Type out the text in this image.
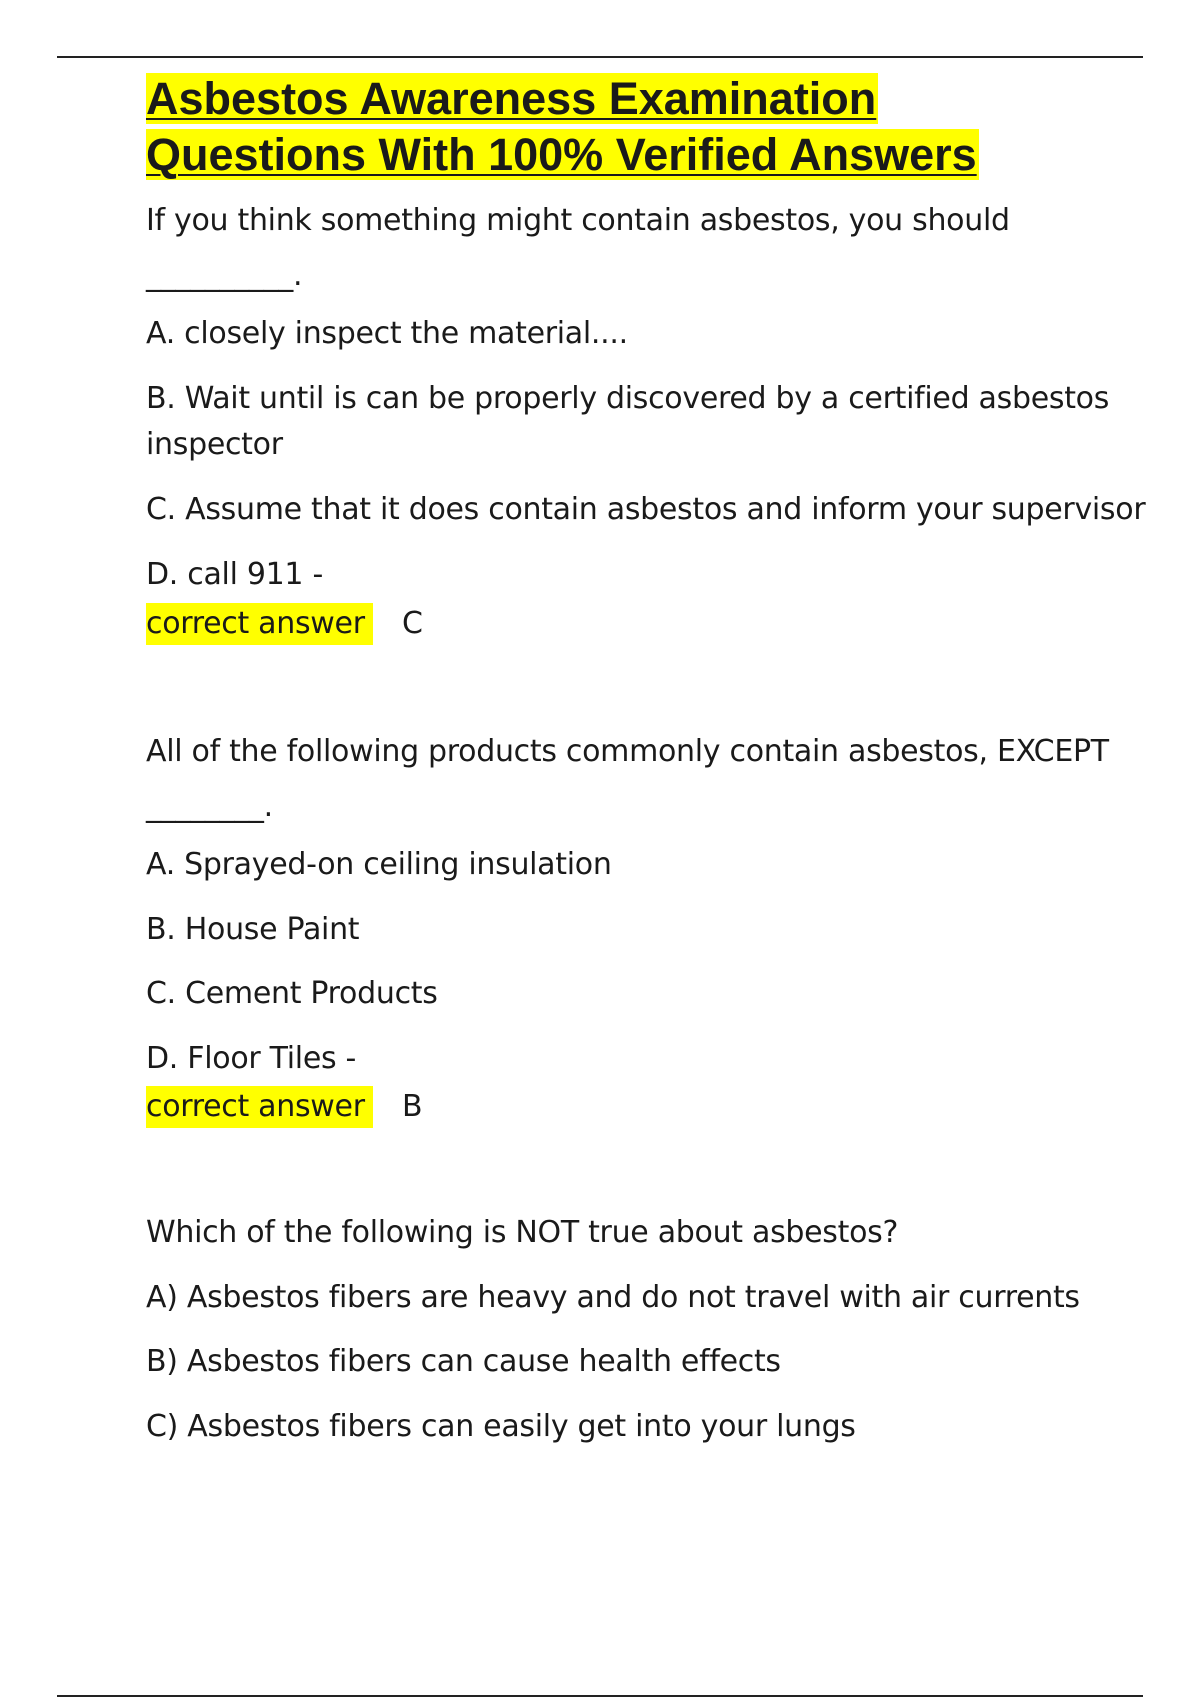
Asbestos Awareness Examination
Questions With 100% Verified Answers
If you think something might contain asbestos, you should
__________.
A. closely inspect the material....
B. Wait until is can be properly discovered by a certified asbestos
inspector
C. Assume that it does contain asbestos and inform your supervisor
D. call 911 -
correct answer C
All of the following products commonly contain asbestos, EXCEPT
________.
A. Sprayed-on ceiling insulation
B. House Paint
C. Cement Products
D. Floor Tiles -
correct answer B
Which of the following is NOT true about asbestos?
A) Asbestos fibers are heavy and do not travel with air currents
B) Asbestos fibers can cause health effects
C) Asbestos fibers can easily get into your lungs
